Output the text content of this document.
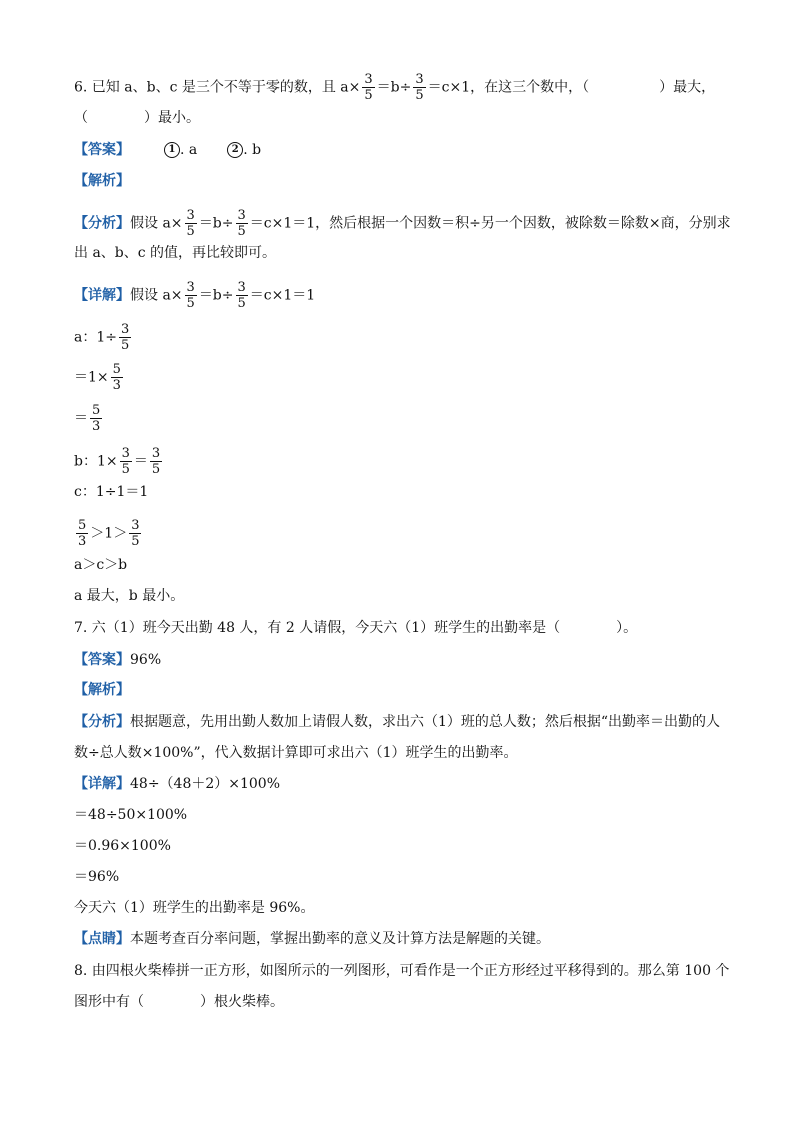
6. 已知 a、b、c 是三个不等于零的数，且 $a\times \frac{3}{5} =b\div \frac{3}{5} =c\times 1$，在这三个数中，（	）最大，
（　　　　）最小。
【答案】	1 . a	2 . b
【解析】
【分析】假设 $a\times \frac{3}{5} =b\div \frac{3}{5} =c\times 1=1$，然后根据一个因数＝积÷另一个因数，被除数＝除数×商，分别求
出 a、b、c 的值，再比较即可。
【详解】假设 $a\times \frac{3}{5} =b\div \frac{3}{5} =c\times 1=1$
a：$1\div \frac{3}{5}$
$=1\times \frac{5}{3}$
＝ $\frac{5}{3}$
b：$1\times \frac{3}{5} = \frac{3}{5}$
c：1÷1＝1
$\frac{5}{3} >1> \frac{3}{5}$
a＞c＞b
a 最大，b 最小。
7. 六（1）班今天出勤 48 人，有 2 人请假，今天六（1）班学生的出勤率是（　　　　）。
【答案】96%
【解析】
【分析】根据题意，先用出勤人数加上请假人数，求出六（1）班的总人数；然后根据“出勤率＝出勤的人
数÷总人数×100%”，代入数据计算即可求出六（1）班学生的出勤率。
【详解】48÷（48＋2）×100%
＝48÷50×100%
＝0.96×100%
＝96%
今天六（1）班学生的出勤率是 96%。
【点睛】本题考查百分率问题，掌握出勤率的意义及计算方法是解题的关键。
8. 由四根火柴棒拼一正方形，如图所示的一列图形，可看作是一个正方形经过平移得到的。那么第 100 个
图形中有（　　　　）根火柴棒。
